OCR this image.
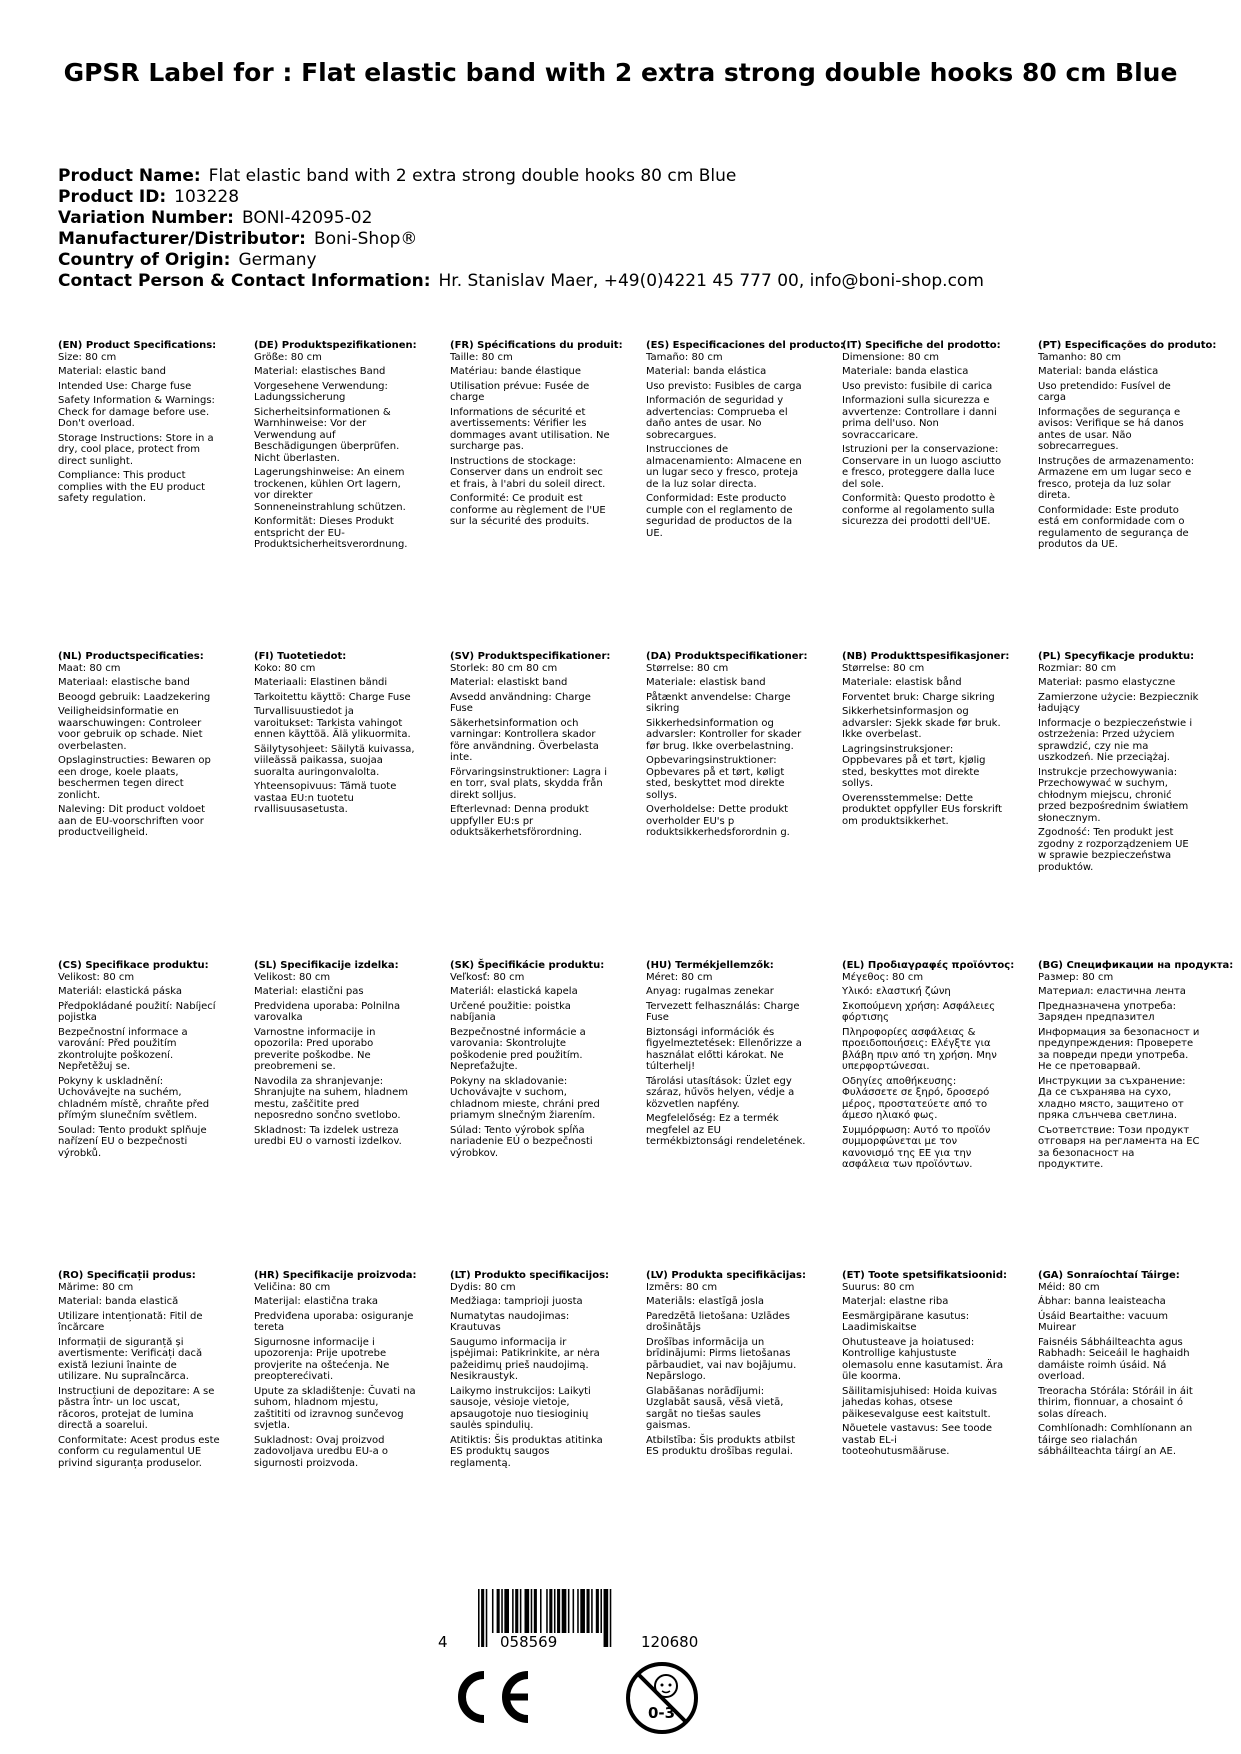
GPSR Label for : Flat elastic band with 2 extra strong double hooks 80 cm Blue
Product Name: Flat elastic band with 2 extra strong double hooks 80 cm Blue
Product ID: 103228
Variation Number: BONI-42095-02
Manufacturer/Distributor: Boni-Shop®
Country of Origin: Germany
Contact Person & Contact Information: Hr. Stanislav Maer, +49(0)4221 45 777 00, info@boni-shop.com
(EN) Product Specifications:
Size: 80 cm
Material: elastic band
Intended Use: Charge fuse
Safety Information & Warnings: Check for damage before use. Don't overload.
Storage Instructions: Store in a dry, cool place, protect from direct sunlight.
Compliance: This product complies with the EU product safety regulation.
(DE) Produktspezifikationen:
Größe: 80 cm
Material: elastisches Band
Vorgesehene Verwendung: Ladungssicherung
Sicherheitsinformationen & Warnhinweise: Vor der Verwendung auf Beschädigungen überprüfen. Nicht überlasten.
Lagerungshinweise: An einem trockenen, kühlen Ort lagern, vor direkter Sonneneinstrahlung schützen.
Konformität: Dieses Produkt entspricht der EU-Produktsicherheitsverordnung.
(FR) Spécifications du produit:
Taille: 80 cm
Matériau: bande élastique
Utilisation prévue: Fusée de charge
Informations de sécurité et avertissements: Vérifier les dommages avant utilisation. Ne surcharge pas.
Instructions de stockage: Conserver dans un endroit sec et frais, à l'abri du soleil direct.
Conformité: Ce produit est conforme au règlement de l'UE sur la sécurité des produits.
(ES) Especificaciones del producto:
Tamaño: 80 cm
Material: banda elástica
Uso previsto: Fusibles de carga
Información de seguridad y advertencias: Comprueba el daño antes de usar. No sobrecargues.
Instrucciones de almacenamiento: Almacene en un lugar seco y fresco, proteja de la luz solar directa.
Conformidad: Este producto cumple con el reglamento de seguridad de productos de la UE.
(IT) Specifiche del prodotto:
Dimensione: 80 cm
Materiale: banda elastica
Uso previsto: fusibile di carica
Informazioni sulla sicurezza e avvertenze: Controllare i danni prima dell'uso. Non sovraccaricare.
Istruzioni per la conservazione: Conservare in un luogo asciutto e fresco, proteggere dalla luce del sole.
Conformità: Questo prodotto è conforme al regolamento sulla sicurezza dei prodotti dell'UE.
(PT) Especificações do produto:
Tamanho: 80 cm
Material: banda elástica
Uso pretendido: Fusível de carga
Informações de segurança e avisos: Verifique se há danos antes de usar. Não sobrecarregues.
Instruções de armazenamento: Armazene em um lugar seco e fresco, proteja da luz solar direta.
Conformidade: Este produto está em conformidade com o regulamento de segurança de produtos da UE.
(NL) Productspecificaties:
Maat: 80 cm
Materiaal: elastische band
Beoogd gebruik: Laadzekering
Veiligheidsinformatie en waarschuwingen: Controleer voor gebruik op schade. Niet overbelasten.
Opslaginstructies: Bewaren op een droge, koele plaats, beschermen tegen direct zonlicht.
Naleving: Dit product voldoet aan de EU-voorschriften voor productveiligheid.
(FI) Tuotetiedot:
Koko: 80 cm
Materiaali: Elastinen bändi
Tarkoitettu käyttö: Charge Fuse
Turvallisuustiedot ja varoitukset: Tarkista vahingot ennen käyttöä. Älä ylikuormita.
Säilytysohjeet: Säilytä kuivassa, viileässä paikassa, suojaa suoralta auringonvalolta.
Yhteensopivuus: Tämä tuote vastaa EU:n tuotetu rvallisuusasetusta.
(SV) Produktspecifikationer:
Storlek: 80 cm 80 cm
Material: elastiskt band
Avsedd användning: Charge Fuse
Säkerhetsinformation och varningar: Kontrollera skador före användning. Överbelasta inte.
Förvaringsinstruktioner: Lagra i en torr, sval plats, skydda från direkt solljus.
Efterlevnad: Denna produkt uppfyller EU:s pr oduktsäkerhetsförordning.
(DA) Produktspecifikationer:
Størrelse: 80 cm
Materiale: elastisk band
Påtænkt anvendelse: Charge sikring
Sikkerhedsinformation og advarsler: Kontroller for skader før brug. Ikke overbelastning.
Opbevaringsinstruktioner: Opbevares på et tørt, køligt sted, beskyttet mod direkte sollys.
Overholdelse: Dette produkt overholder EU's p roduktsikkerhedsforordnin g.
(NB) Produkttspesifikasjoner:
Størrelse: 80 cm
Materiale: elastisk bånd
Forventet bruk: Charge sikring
Sikkerhetsinformasjon og advarsler: Sjekk skade før bruk. Ikke overbelast.
Lagringsinstruksjoner: Oppbevares på et tørt, kjølig sted, beskyttes mot direkte sollys.
Overensstemmelse: Dette produktet oppfyller EUs forskrift om produktsikkerhet.
(PL) Specyfikacje produktu:
Rozmiar: 80 cm
Materiał: pasmo elastyczne
Zamierzone użycie: Bezpiecznik ładujący
Informacje o bezpieczeństwie i ostrzeżenia: Przed użyciem sprawdzić, czy nie ma uszkodzeń. Nie przeciążaj.
Instrukcje przechowywania: Przechowywać w suchym, chłodnym miejscu, chronić przed bezpośrednim światłem słonecznym.
Zgodność: Ten produkt jest zgodny z rozporządzeniem UE w sprawie bezpieczeństwa produktów.
(CS) Specifikace produktu:
Velikost: 80 cm
Materiál: elastická páska
Předpokládané použití: Nabíjecí pojistka
Bezpečnostní informace a varování: Před použitím zkontrolujte poškození. Nepřetěžuj se.
Pokyny k uskladnění: Uchovávejte na suchém, chladném místě, chraňte před přímým slunečním světlem.
Soulad: Tento produkt splňuje nařízení EU o bezpečnosti výrobků.
(SL) Specifikacije izdelka:
Velikost: 80 cm
Material: elastični pas
Predvidena uporaba: Polnilna varovalka
Varnostne informacije in opozorila: Pred uporabo preverite poškodbe. Ne preobremeni se.
Navodila za shranjevanje: Shranjujte na suhem, hladnem mestu, zaščitite pred neposredno sončno svetlobo.
Skladnost: Ta izdelek ustreza uredbi EU o varnosti izdelkov.
(SK) Špecifikácie produktu:
Veľkosť: 80 cm
Materiál: elastická kapela
Určené použitie: poistka nabíjania
Bezpečnostné informácie a varovania: Skontrolujte poškodenie pred použitím. Nepreťažujte.
Pokyny na skladovanie: Uchovávajte v suchom, chladnom mieste, chráni pred priamym slnečným žiarením.
Súlad: Tento výrobok spĺňa nariadenie EÚ o bezpečnosti výrobkov.
(HU) Termékjellemzők:
Méret: 80 cm
Anyag: rugalmas zenekar
Tervezett felhasználás: Charge Fuse
Biztonsági információk és figyelmeztetések: Ellenőrizze a használat előtti károkat. Ne túlterhelj!
Tárolási utasítások: Üzlet egy száraz, hűvös helyen, védje a közvetlen napfény.
Megfelelőség: Ez a termék megfelel az EU termékbiztonsági rendeletének.
(EL) Προδιαγραφές προϊόντος:
Μέγεθος: 80 cm
Υλικό: ελαστική ζώνη
Σκοπούμενη χρήση: Ασφάλειες φόρτισης
Πληροφορίες ασφάλειας & προειδοποιήσεις: Ελέγξτε για βλάβη πριν από τη χρήση. Μην υπερφορτώνεσαι.
Οδηγίες αποθήκευσης: Φυλάσσετε σε ξηρό, δροσερό μέρος, προστατεύετε από το άμεσο ηλιακό φως.
Συμμόρφωση: Αυτό το προϊόν συμμορφώνεται με τον κανονισμό της ΕΕ για την ασφάλεια των προϊόντων.
(BG) Спецификации на продукта:
Размер: 80 cm
Материал: еластична лента
Предназначена употреба: Заряден предпазител
Информация за безопасност и предупреждения: Проверете за повреди преди употреба. Не се претоварвай.
Инструкции за съхранение: Да се съхранява на сухо, хладно място, защитено от пряка слънчева светлина.
Съответствие: Този продукт отговаря на регламента на ЕС за безопасност на продуктите.
(RO) Specificații produs:
Mărime: 80 cm
Material: banda elastică
Utilizare intenționată: Fitil de încărcare
Informații de siguranță și avertismente: Verificați dacă există leziuni înainte de utilizare. Nu supraîncărca.
Instrucțiuni de depozitare: A se păstra într- un loc uscat, răcoros, protejat de lumina directă a soarelui.
Conformitate: Acest produs este conform cu regulamentul UE privind siguranța produselor.
(HR) Specifikacije proizvoda:
Veličina: 80 cm
Materijal: elastična traka
Predviđena uporaba: osiguranje tereta
Sigurnosne informacije i upozorenja: Prije upotrebe provjerite na oštećenja. Ne preopterećivati.
Upute za skladištenje: Čuvati na suhom, hladnom mjestu, zaštititi od izravnog sunčevog svjetla.
Sukladnost: Ovaj proizvod zadovoljava uredbu EU-a o sigurnosti proizvoda.
(LT) Produkto specifikacijos:
Dydis: 80 cm
Medžiaga: tamprioji juosta
Numatytas naudojimas: Krautuvas
Saugumo informacija ir įspėjimai: Patikrinkite, ar nėra pažeidimų prieš naudojimą. Nesikraustyk.
Laikymo instrukcijos: Laikyti sausoje, vėsioje vietoje, apsaugotoje nuo tiesioginių saulės spindulių.
Atitiktis: Šis produktas atitinka ES produktų saugos reglamentą.
(LV) Produkta specifikācijas:
Izmērs: 80 cm
Materiāls: elastīgā josla
Paredzētā lietošana: Uzlādes drošinātājs
Drošības informācija un brīdinājumi: Pirms lietošanas pārbaudiet, vai nav bojājumu. Nepārslogo.
Glabāšanas norādījumi: Uzglabāt sausā, vēsā vietā, sargāt no tiešas saules gaismas.
Atbilstība: Šis produkts atbilst ES produktu drošības regulai.
(ET) Toote spetsifikatsioonid:
Suurus: 80 cm
Materjal: elastne riba
Eesmärgipärane kasutus: Laadimiskaitse
Ohutusteave ja hoiatused: Kontrollige kahjustuste olemasolu enne kasutamist. Ära üle koorma.
Säilitamisjuhised: Hoida kuivas jahedas kohas, otsese päikesevalguse eest kaitstult.
Nõuetele vastavus: See toode vastab EL-i tooteohutusmääruse.
(GA) Sonraíochtaí Táirge:
Méid: 80 cm
Ábhar: banna leaisteacha
Úsáid Beartaithe: vacuum Muirear
Faisnéis Sábháilteachta agus Rabhadh: Seiceáil le haghaidh damáiste roimh úsáid. Ná overload.
Treoracha Stórála: Stóráil in áit thirim, fionnuar, a chosaint ó solas díreach.
Comhlíonadh: Comhlíonann an táirge seo rialachán sábháilteachta táirgí an AE.
4	058569	120680
0-3
